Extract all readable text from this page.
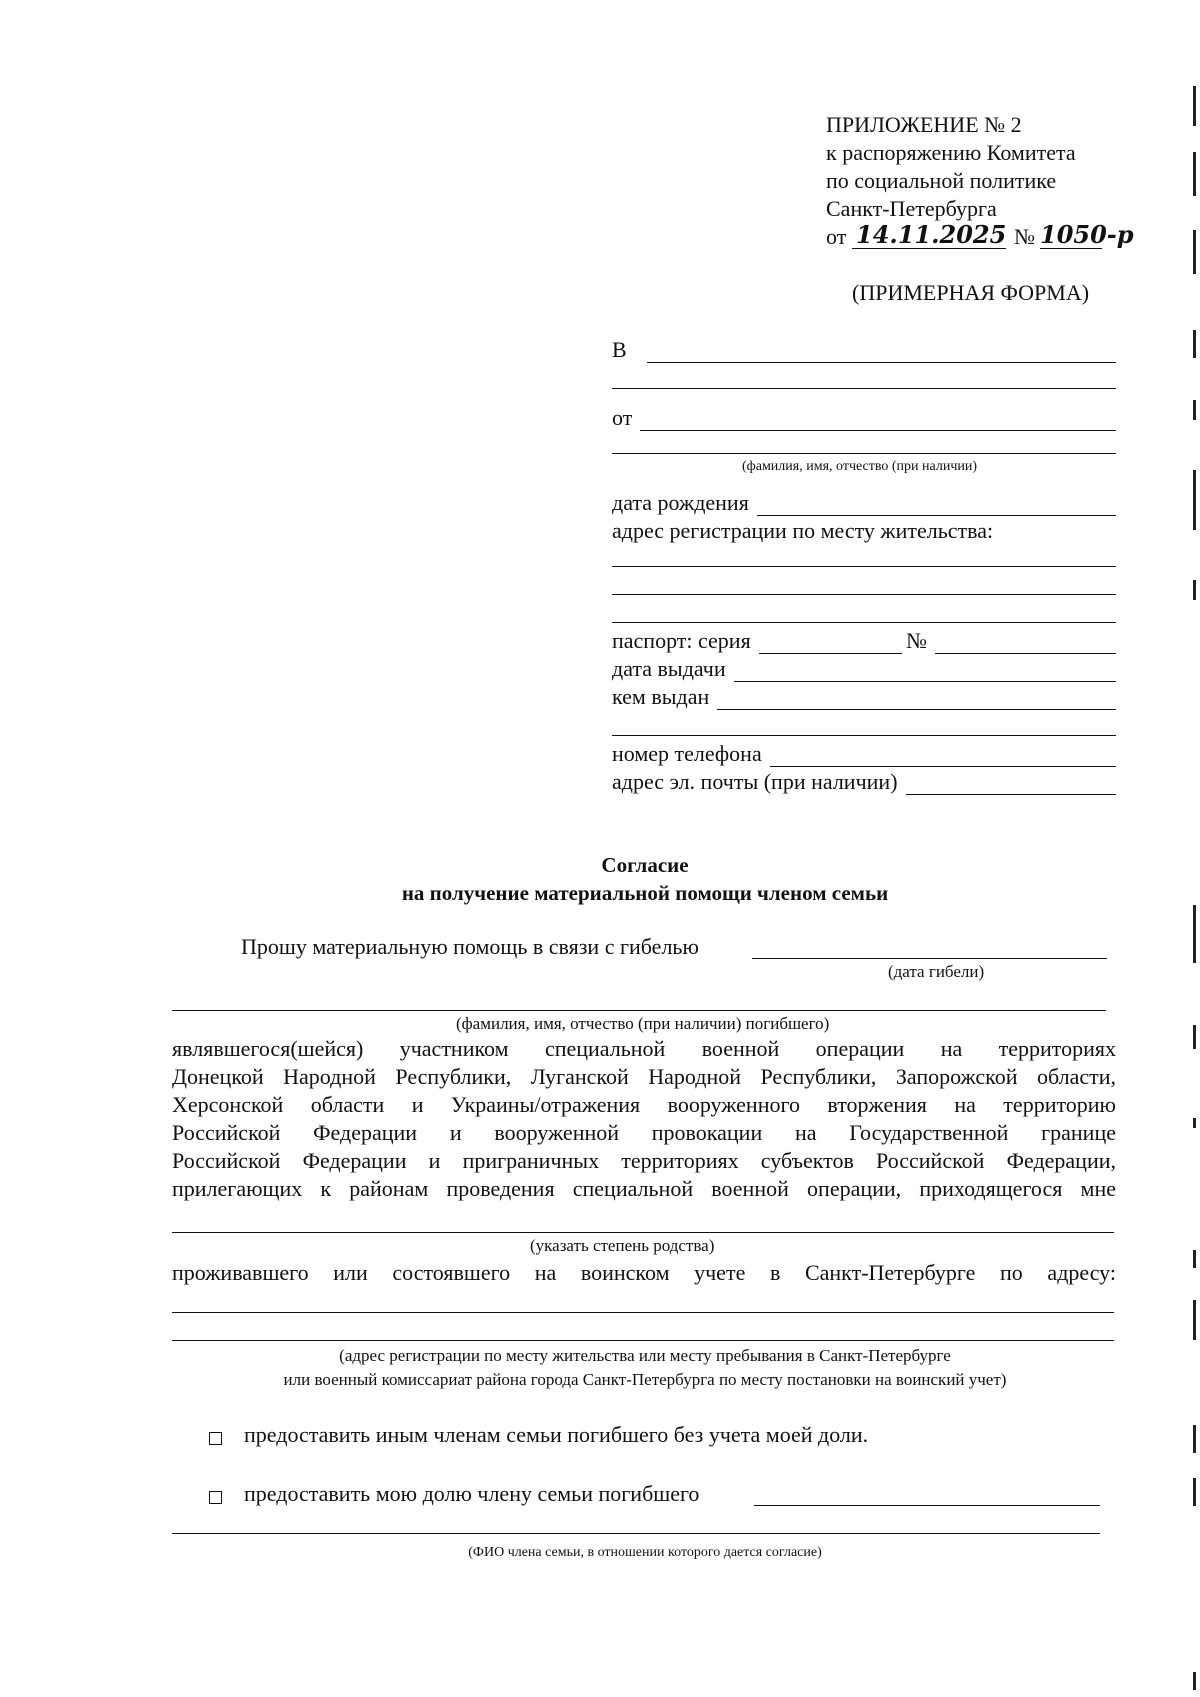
ПРИЛОЖЕНИЕ № 2
к распоряжению Комитета
по социальной политике
Санкт-Петербурга
от 14.11.2025 № 1050-р
(ПРИМЕРНАЯ ФОРМА)
В
от
(фамилия, имя, отчество (при наличии)
дата рождения
адрес регистрации по месту жительства:
паспорт: серия	№
дата выдачи
кем выдан
номер телефона
адрес эл. почты (при наличии)
Согласие
на получение материальной помощи членом семьи
Прошу материальную помощь в связи с гибелью
(дата гибели)
(фамилия, имя, отчество (при наличии) погибшего)
являвшегося(шейся) участником специальной военной операции на территориях
Донецкой Народной Республики, Луганской Народной Республики, Запорожской области,
Херсонской области и Украины/отражения вооруженного вторжения на территорию
Российской Федерации и вооруженной провокации на Государственной границе
Российской Федерации и приграничных территориях субъектов Российской Федерации,
прилегающих к районам проведения специальной военной операции, приходящегося мне
(указать степень родства)
проживавшего или состоявшего на воинском учете в Санкт-Петербурге по адресу:
(адрес регистрации по месту жительства или месту пребывания в Санкт-Петербурге
или военный комиссариат района города Санкт-Петербурга по месту постановки на воинский учет)
предоставить иным членам семьи погибшего без учета моей доли.
предоставить мою долю члену семьи погибшего
(ФИО члена семьи, в отношении которого дается согласие)
